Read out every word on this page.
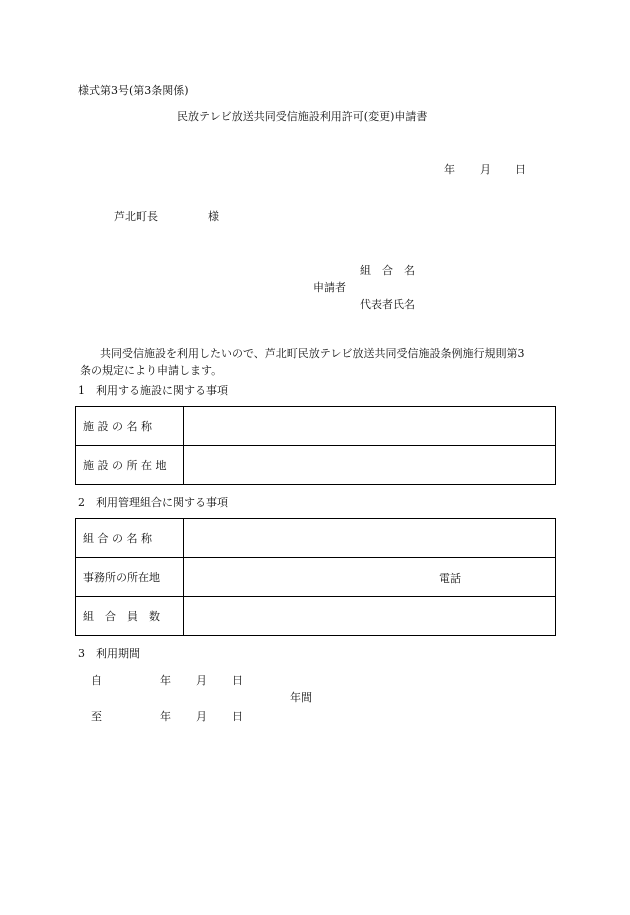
様式第3号(第3条関係)
民放テレビ放送共同受信施設利用許可(変更)申請書
年 月 日
芦北町長	様
組　合　名
申請者
代表者氏名
共同受信施設を利用したいので、芦北町民放テレビ放送共同受信施設条例施行規則第3
条の規定により申請します。
1　利用する施設に関する事項
施 設 の 名 称	
施 設 の 所 在 地	
2　利用管理組合に関する事項
組 合 の 名 称	
事務所の所在地	電話

組　合　員　数	
3　利用期間
自	年 月 日
年間
至	年 月 日
